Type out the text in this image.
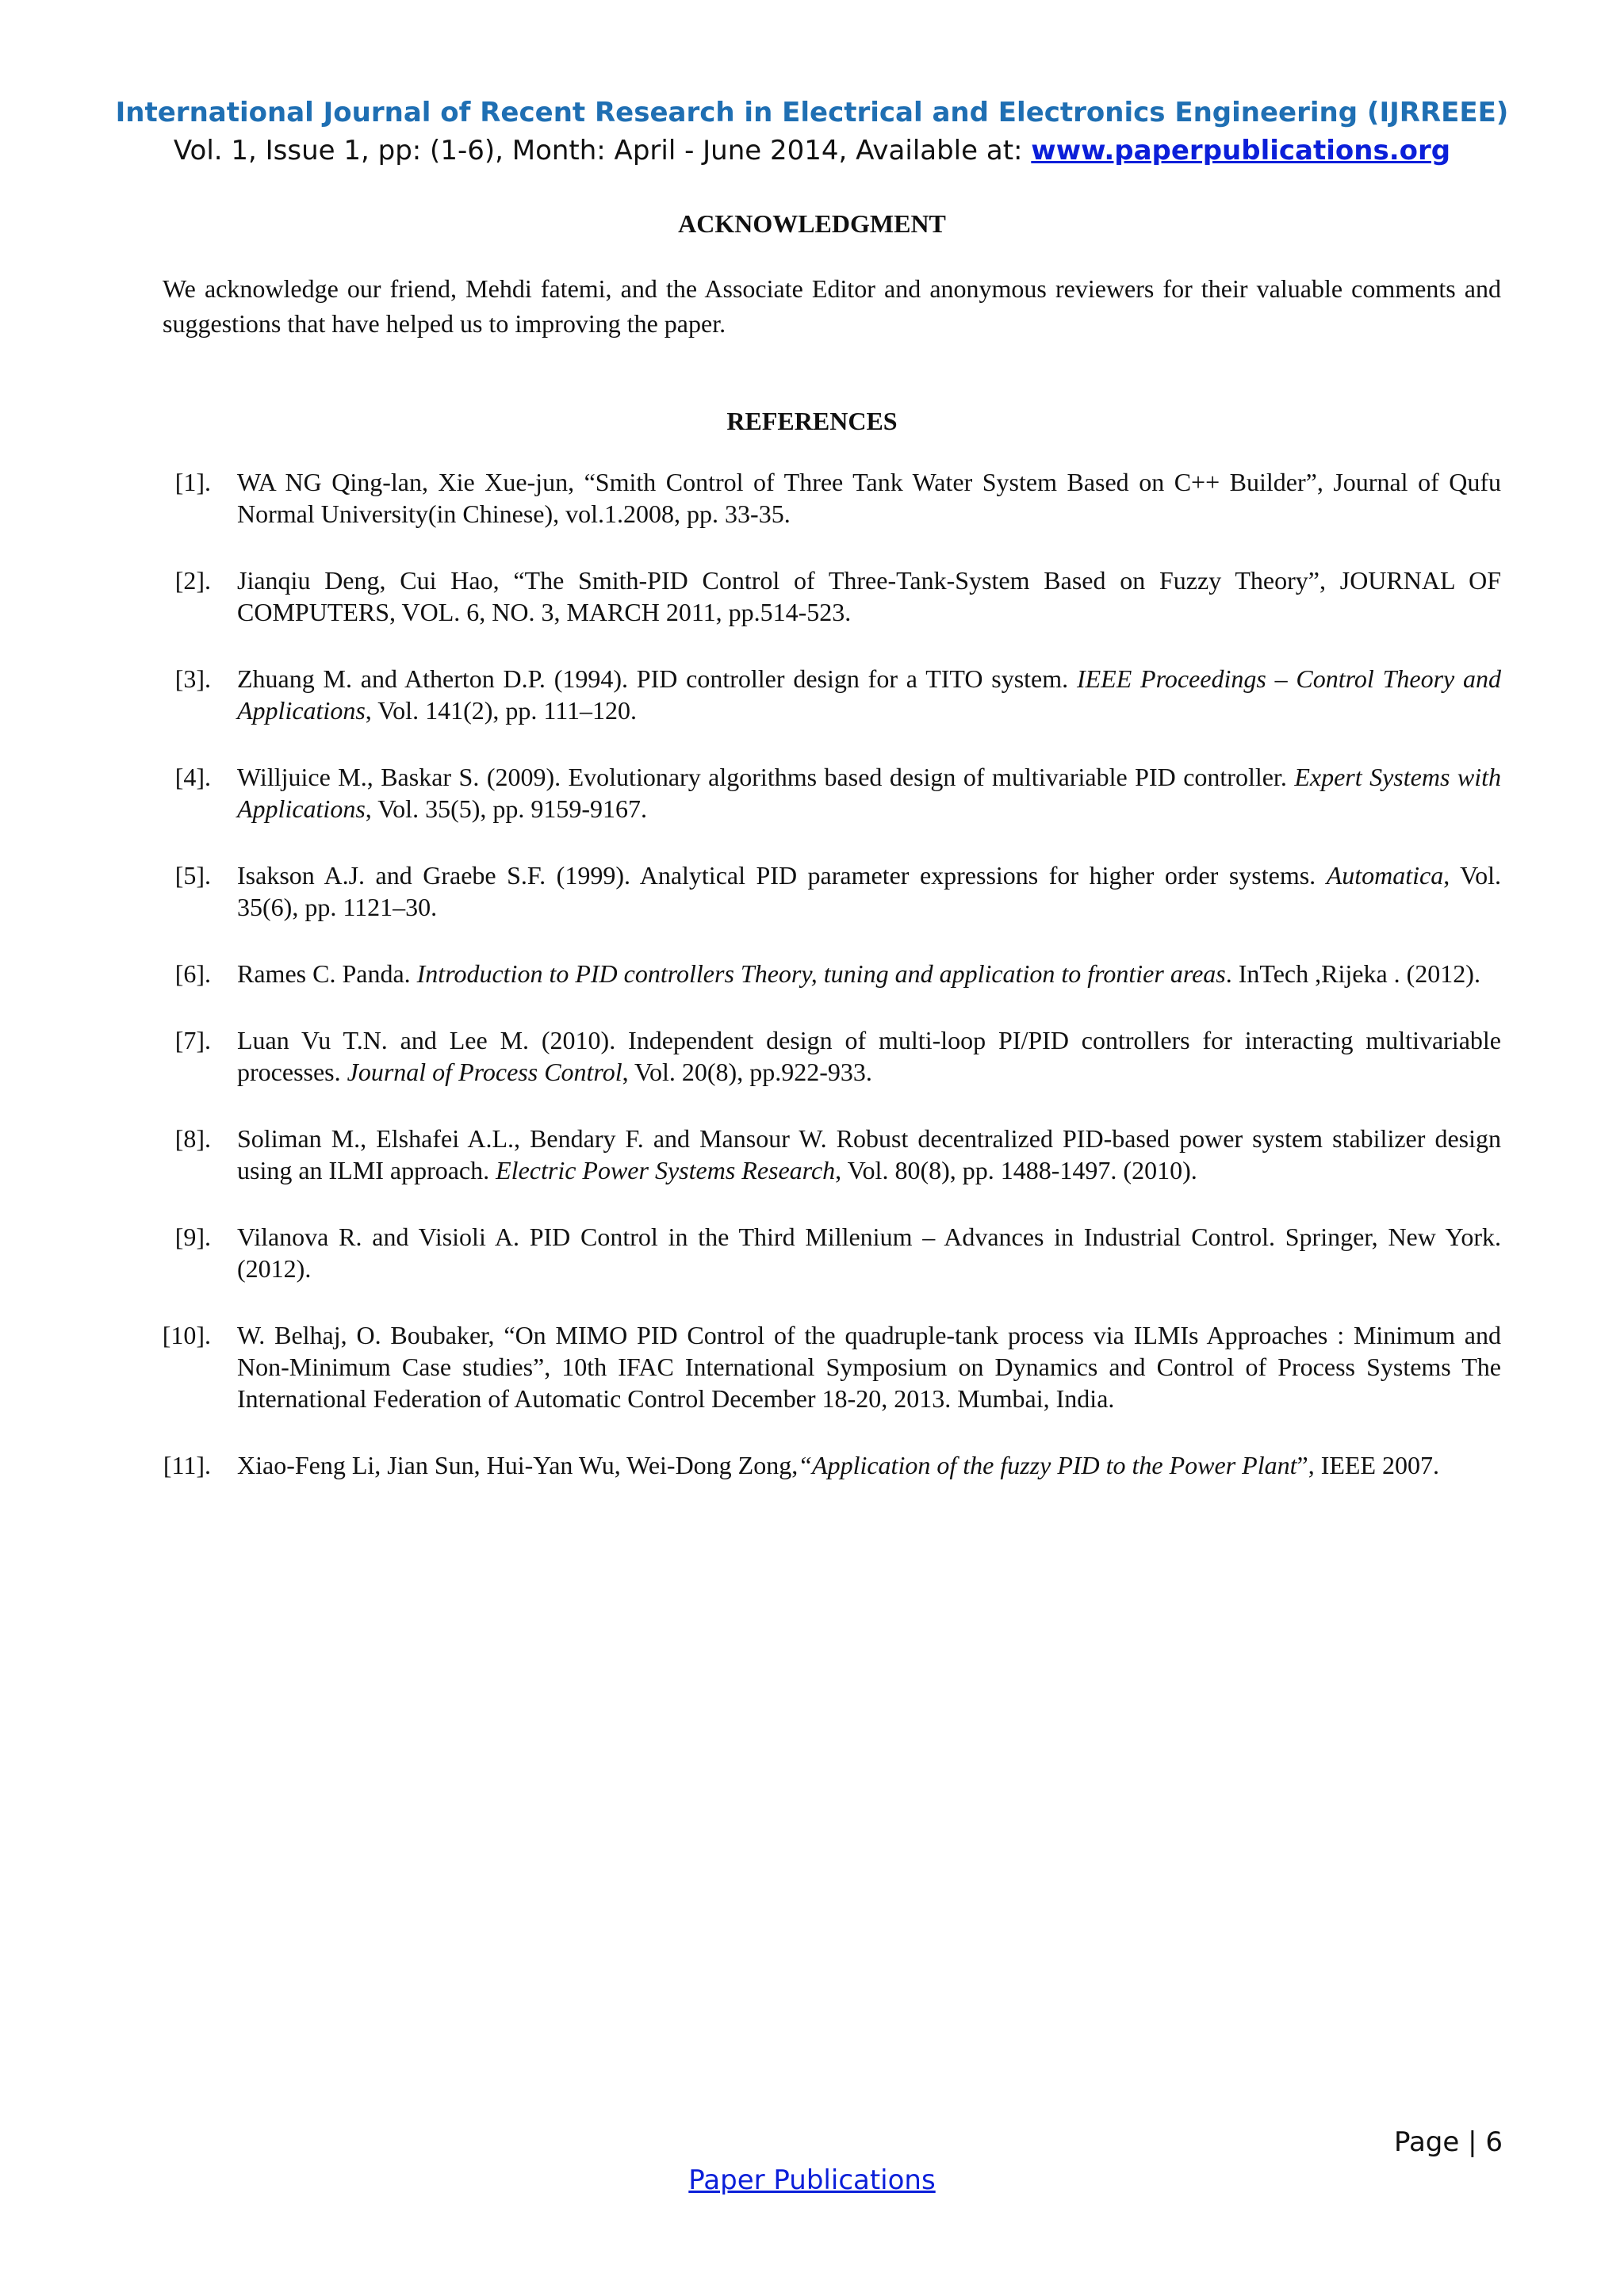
International Journal of Recent Research in Electrical and Electronics Engineering (IJRREEE)
Vol. 1, Issue 1, pp: (1-6), Month: April - June 2014, Available at: www.paperpublications.org
ACKNOWLEDGMENT
We acknowledge our friend, Mehdi fatemi, and the Associate Editor and anonymous reviewers for their valuable comments and suggestions that have helped us to improving the paper.
REFERENCES
[1]. WA NG Qing-lan, Xie Xue-jun, “Smith Control of Three Tank Water System Based on C++ Builder”, Journal of Qufu Normal University(in Chinese), vol.1.2008, pp. 33-35.
[2]. Jianqiu Deng, Cui Hao, “The Smith-PID Control of Three-Tank-System Based on Fuzzy Theory”, JOURNAL OF COMPUTERS, VOL. 6, NO. 3, MARCH 2011, pp.514-523.
[3]. Zhuang M. and Atherton D.P. (1994). PID controller design for a TITO system. IEEE Proceedings – Control Theory and Applications, Vol. 141(2), pp. 111–120.
[4]. Willjuice M., Baskar S. (2009). Evolutionary algorithms based design of multivariable PID controller. Expert Systems with Applications, Vol. 35(5), pp. 9159-9167.
[5]. Isakson A.J. and Graebe S.F. (1999). Analytical PID parameter expressions for higher order systems. Automatica, Vol. 35(6), pp. 1121–30.
[6]. Rames C. Panda. Introduction to PID controllers Theory, tuning and application to frontier areas. InTech ,Rijeka . (2012).
[7]. Luan Vu T.N. and Lee M. (2010). Independent design of multi-loop PI/PID controllers for interacting multivariable processes. Journal of Process Control, Vol. 20(8), pp.922-933.
[8]. Soliman M., Elshafei A.L., Bendary F. and Mansour W. Robust decentralized PID-based power system stabilizer design using an ILMI approach. Electric Power Systems Research, Vol. 80(8), pp. 1488-1497. (2010).
[9]. Vilanova R. and Visioli A. PID Control in the Third Millenium – Advances in Industrial Control. Springer, New York. (2012).
[10]. W. Belhaj, O. Boubaker, “On MIMO PID Control of the quadruple-tank process via ILMIs Approaches : Minimum and Non-Minimum Case studies”, 10th IFAC International Symposium on Dynamics and Control of Process Systems The International Federation of Automatic Control December 18-20, 2013. Mumbai, India.
[11]. Xiao-Feng Li, Jian Sun, Hui-Yan Wu, Wei-Dong Zong,“Application of the fuzzy PID to the Power Plant”, IEEE 2007.
Page | 6
Paper Publications
